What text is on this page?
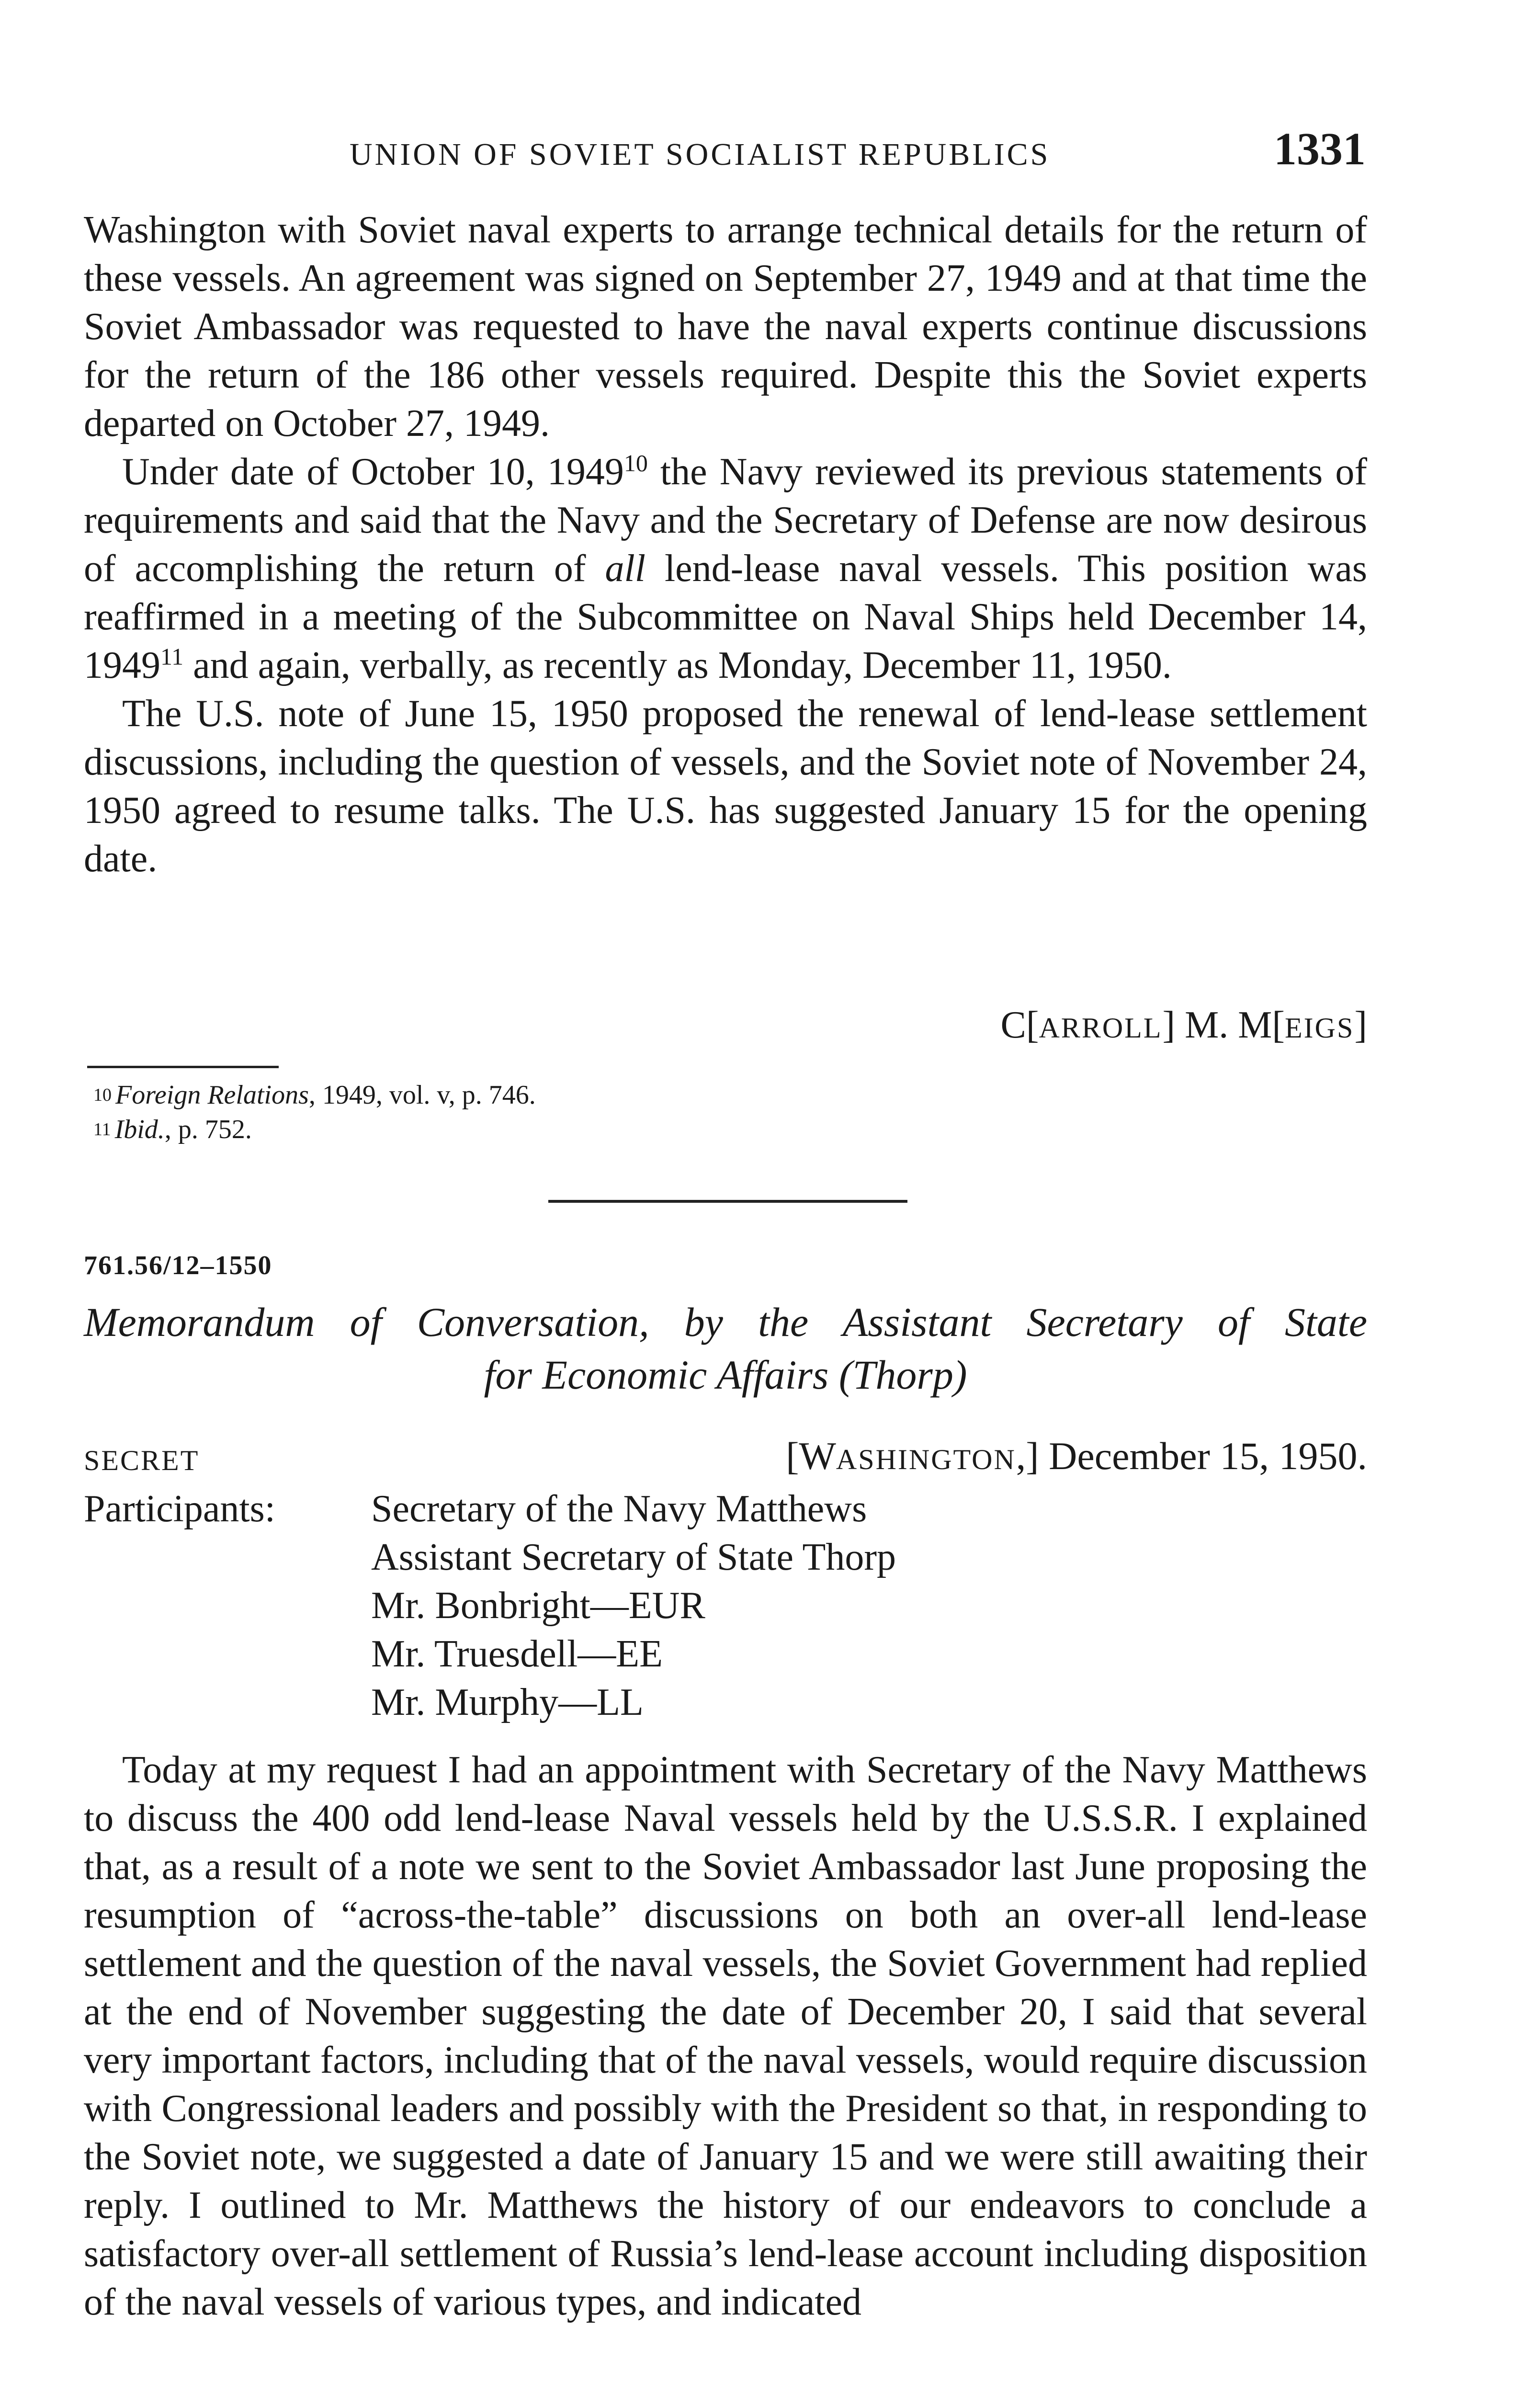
UNION OF SOVIET SOCIALIST REPUBLICS	1331

Washington with Soviet naval experts to arrange technical details for the return of these vessels. An agreement was signed on September 27, 1949 and at that time the Soviet Ambassador was requested to have the naval experts continue discussions for the return of the 186 other vessels required. Despite this the Soviet experts departed on October 27, 1949.

Under date of October 10, 1949$^{10}$ the Navy reviewed its previous statements of requirements and said that the Navy and the Secretary of Defense are now desirous of accomplishing the return of all lend-lease naval vessels. This position was reaffirmed in a meeting of the Subcommittee on Naval Ships held December 14, 1949$^{11}$ and again, verbally, as recently as Monday, December 11, 1950.

The U.S. note of June 15, 1950 proposed the renewal of lend-lease settlement discussions, including the question of vessels, and the Soviet note of November 24, 1950 agreed to resume talks. The U.S. has suggested January 15 for the opening date.

C[ARROLL] M. M[EIGS]
$^{10}$ Foreign Relations, 1949, vol. v, p. 746.
$^{11}$ Ibid., p. 752.
761.56/12–1550
Memorandum of Conversation, by the Assistant Secretary of State
for Economic Affairs (Thorp)
SECRET	[WASHINGTON,] December 15, 1950.
Participants:	Secretary of the Navy Matthews
Assistant Secretary of State Thorp
Mr. Bonbright—EUR
Mr. Truesdell—EE
Mr. Murphy—LL

Today at my request I had an appointment with Secretary of the Navy Matthews to discuss the 400 odd lend-lease Naval vessels held by the U.S.S.R. I explained that, as a result of a note we sent to the Soviet Ambassador last June proposing the resumption of “across-the-table” discussions on both an over-all lend-lease settlement and the question of the naval vessels, the Soviet Government had replied at the end of November suggesting the date of December 20, I said that several very important factors, including that of the naval vessels, would require discussion with Congressional leaders and possibly with the President so that, in responding to the Soviet note, we suggested a date of January 15 and we were still awaiting their reply. I outlined to Mr. Matthews the history of our endeavors to conclude a satisfactory over-all settlement of Russia’s lend-lease account including disposition of the naval vessels of various types, and indicated
